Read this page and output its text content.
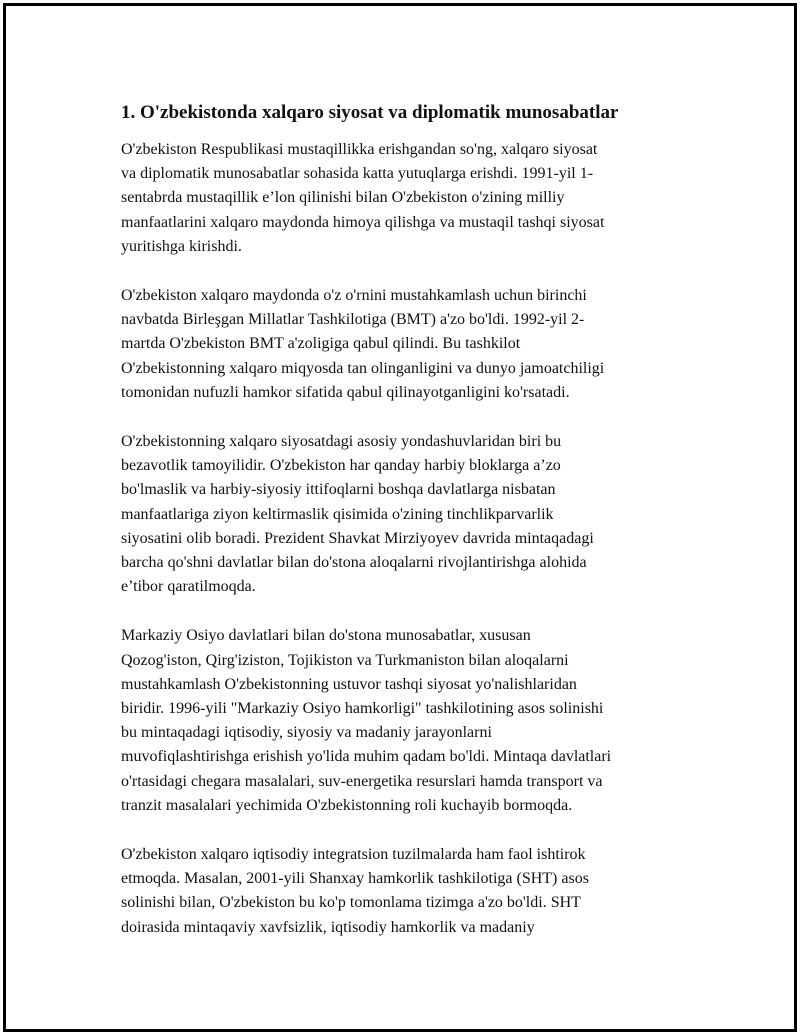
1. O'zbekistonda xalqaro siyosat va diplomatik munosabatlar
O'zbekiston Respublikasi mustaqillikka erishgandan so'ng, xalqaro siyosat
va diplomatik munosabatlar sohasida katta yutuqlarga erishdi. 1991-yil 1-
sentabrda mustaqillik e’lon qilinishi bilan O'zbekiston o'zining milliy
manfaatlarini xalqaro maydonda himoya qilishga va mustaqil tashqi siyosat
yuritishga kirishdi.
O'zbekiston xalqaro maydonda o'z o'rnini mustahkamlash uchun birinchi
navbatda Birleşgan Millatlar Tashkilotiga (BMT) a'zo bo'ldi. 1992-yil 2-
martda O'zbekiston BMT a'zoligiga qabul qilindi. Bu tashkilot
O'zbekistonning xalqaro miqyosda tan olinganligini va dunyo jamoatchiligi
tomonidan nufuzli hamkor sifatida qabul qilinayotganligini ko'rsatadi.
O'zbekistonning xalqaro siyosatdagi asosiy yondashuvlaridan biri bu
bezavotlik tamoyilidir. O'zbekiston har qanday harbiy bloklarga a’zo
bo'lmaslik va harbiy-siyosiy ittifoqlarni boshqa davlatlarga nisbatan
manfaatlariga ziyon keltirmaslik qisimida o'zining tinchlikparvarlik
siyosatini olib boradi. Prezident Shavkat Mirziyoyev davrida mintaqadagi
barcha qo'shni davlatlar bilan do'stona aloqalarni rivojlantirishga alohida
e’tibor qaratilmoqda.
Markaziy Osiyo davlatlari bilan do'stona munosabatlar, xususan
Qozog'iston, Qirg'iziston, Tojikiston va Turkmaniston bilan aloqalarni
mustahkamlash O'zbekistonning ustuvor tashqi siyosat yo'nalishlaridan
biridir. 1996-yili "Markaziy Osiyo hamkorligi" tashkilotining asos solinishi
bu mintaqadagi iqtisodiy, siyosiy va madaniy jarayonlarni
muvofiqlashtirishga erishish yo'lida muhim qadam bo'ldi. Mintaqa davlatlari
o'rtasidagi chegara masalalari, suv-energetika resurslari hamda transport va
tranzit masalalari yechimida O'zbekistonning roli kuchayib bormoqda.
O'zbekiston xalqaro iqtisodiy integratsion tuzilmalarda ham faol ishtirok
etmoqda. Masalan, 2001-yili Shanxay hamkorlik tashkilotiga (SHT) asos
solinishi bilan, O'zbekiston bu ko'p tomonlama tizimga a'zo bo'ldi. SHT
doirasida mintaqaviy xavfsizlik, iqtisodiy hamkorlik va madaniy
